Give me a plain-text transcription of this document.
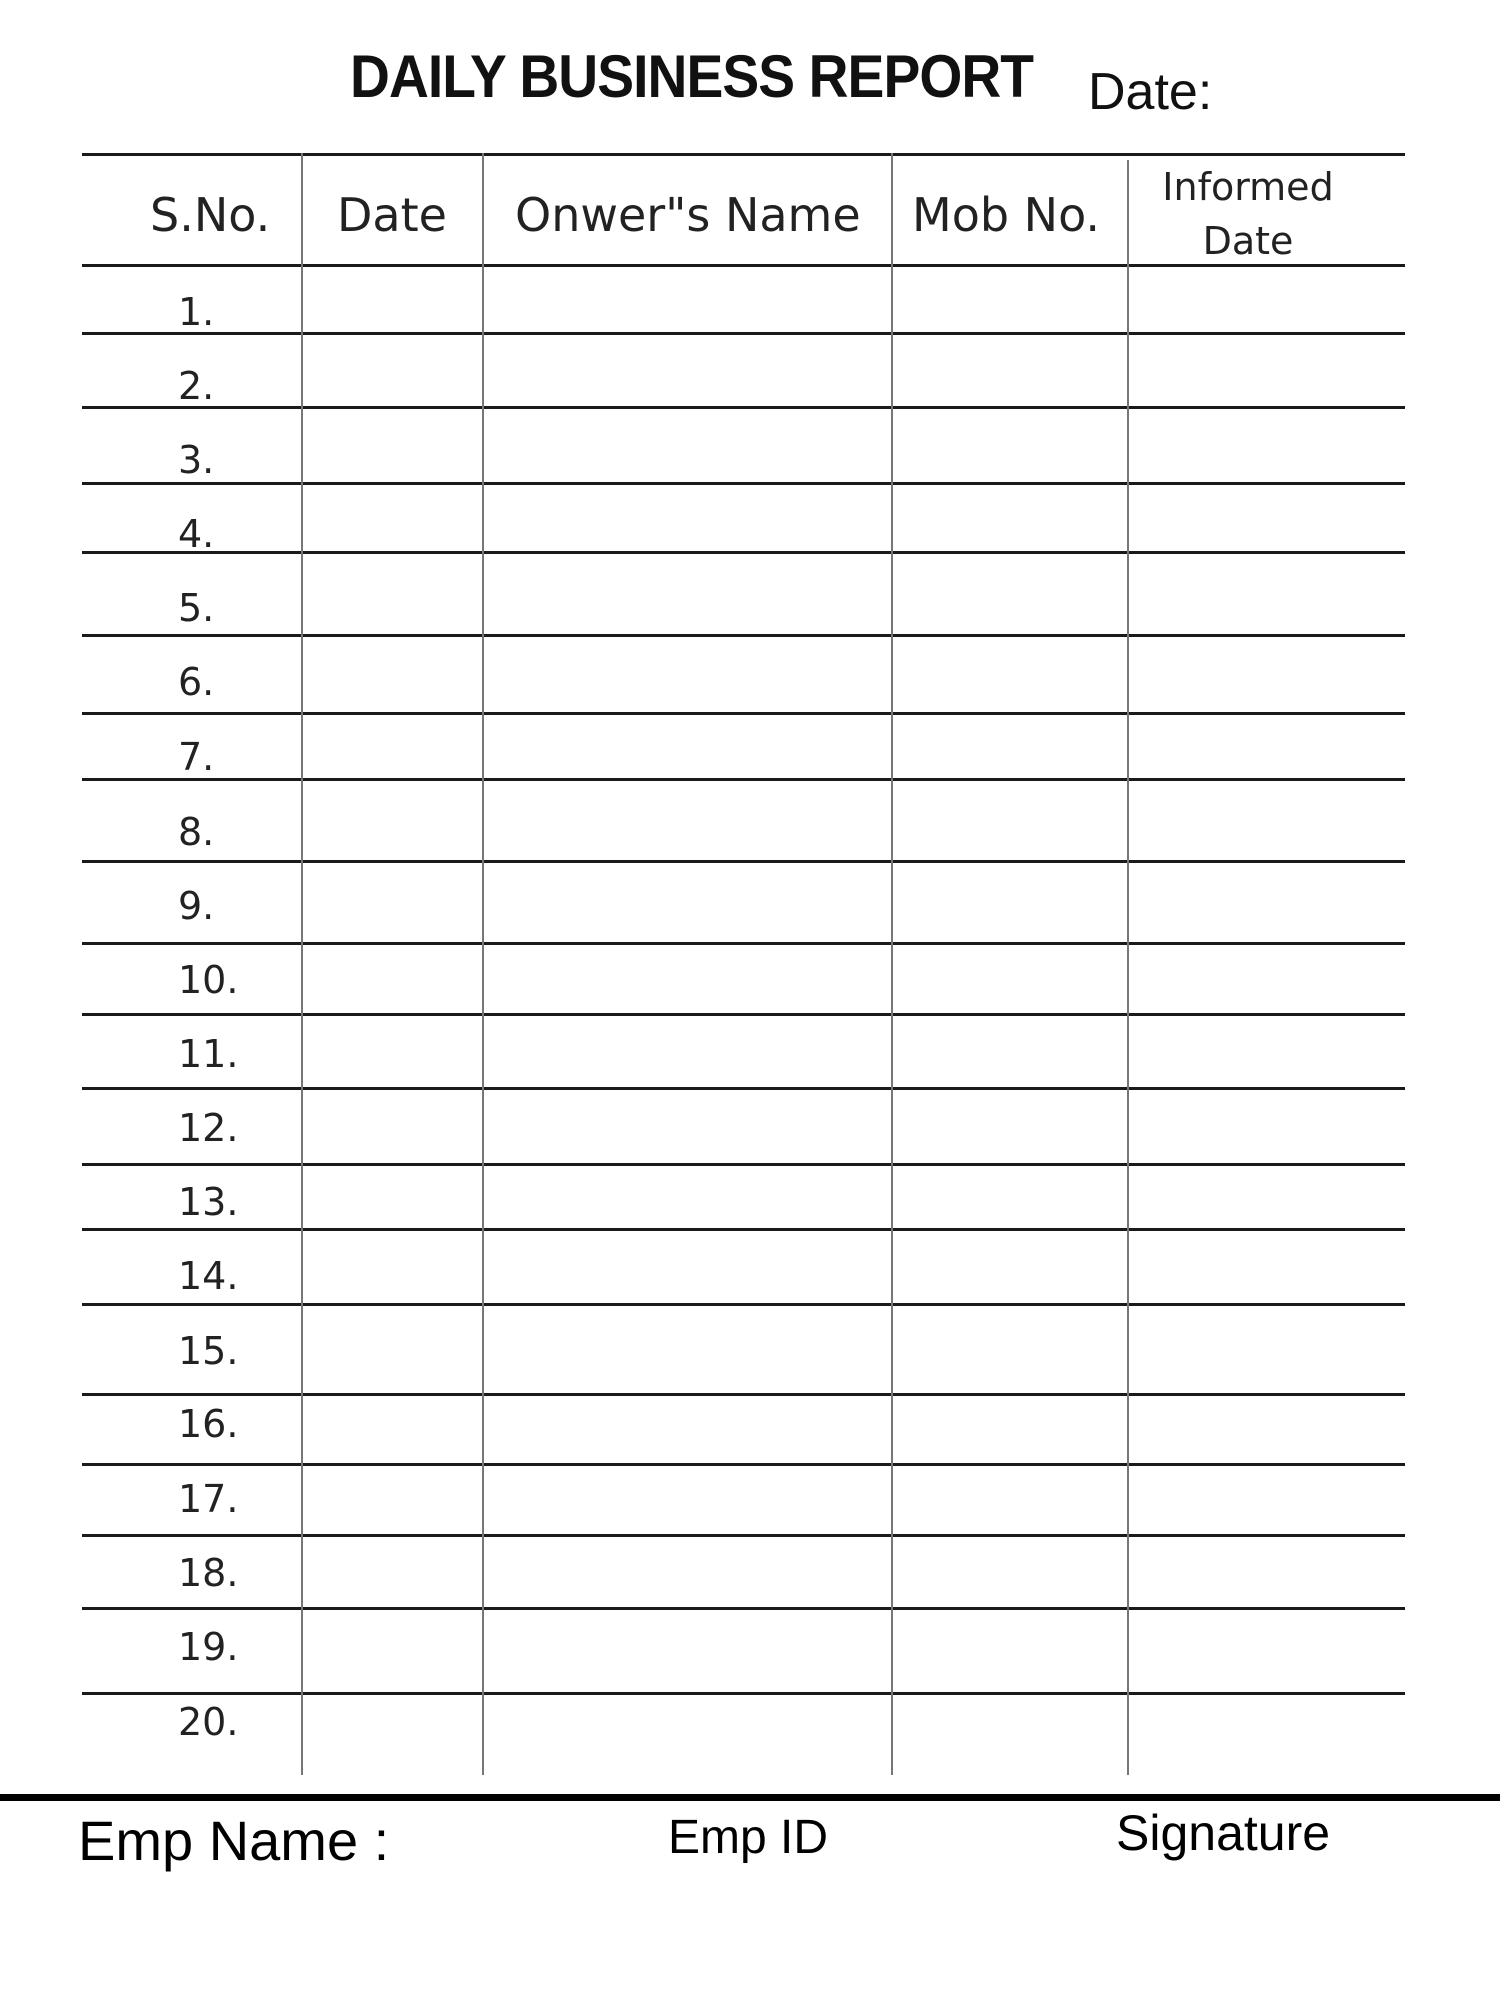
DAILY BUSINESS REPORT Date:
S.No. Date Onwer"s Name Mob No.
Informed
Date
1.
2.
3.
4.
5.
6.
7.
8.
9.
10.
11.
12.
13.
14.
15.
16.
17.
18.
19.
20.
Emp Name :	Emp ID	Signature
